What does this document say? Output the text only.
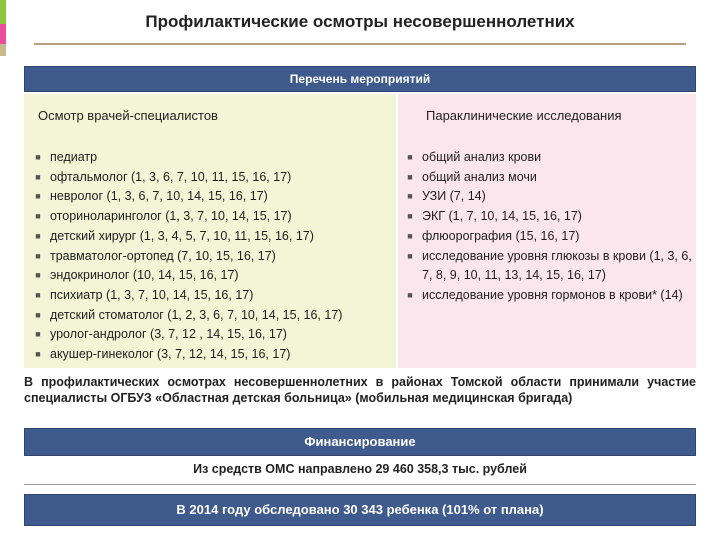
Профилактические осмотры несовершеннолетних
Перечень мероприятий
Осмотр врачей-специалистов
■ педиатр
■ офтальмолог (1, 3, 6, 7, 10, 11, 15, 16, 17)
■ невролог (1, 3, 6, 7, 10, 14, 15, 16, 17)
■ оториноларинголог (1, 3, 7, 10, 14, 15, 17)
■ детский хирург (1, 3, 4, 5, 7, 10, 11, 15, 16, 17)
■ травматолог-ортопед (7, 10, 15, 16, 17)
■ эндокринолог (10, 14, 15, 16, 17)
■ психиатр (1, 3, 7, 10, 14, 15, 16, 17)
■ детский стоматолог (1, 2, 3, 6, 7, 10, 14, 15, 16, 17)
■ уролог-андролог (3, 7, 12 , 14, 15, 16, 17)
■ акушер-гинеколог (3, 7, 12, 14, 15, 16, 17)
Параклинические исследования
■ общий анализ крови
■ общий анализ мочи
■ УЗИ (7, 14)
■ ЭКГ (1, 7, 10, 14, 15, 16, 17)
■ флюорография (15, 16, 17)
■ исследование уровня глюкозы в крови (1, 3, 6, 7, 8, 9, 10, 11, 13, 14, 15, 16, 17)
■ исследование уровня гормонов в крови* (14)
В профилактических осмотрах несовершеннолетних в районах Томской области принимали участие специалисты ОГБУЗ «Областная детская больница» (мобильная медицинская бригада)
Финансирование
Из средств ОМС направлено 29 460 358,3 тыс. рублей
В 2014 году обследовано 30 343 ребенка (101% от плана)
